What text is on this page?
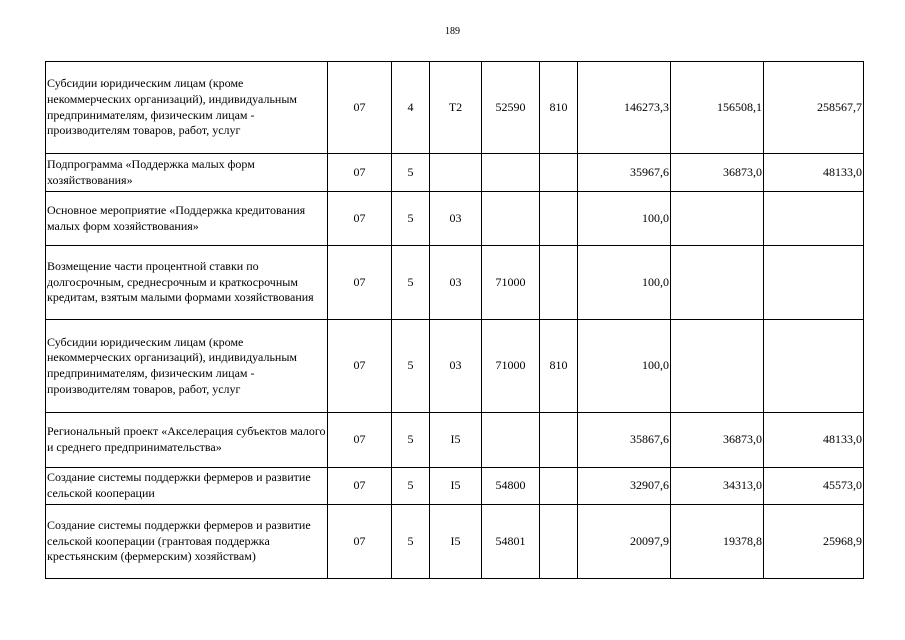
189
Субсидии юридическим лицам (кроме некоммерческих организаций), индивидуальным предпринимателям, физическим лицам - производителям товаров, работ, услуг	07	4	T2	52590	810	146273,3	156508,1	258567,7
Подпрограмма «Поддержка малых форм хозяйствования»	07	5				35967,6	36873,0	48133,0
Основное мероприятие «Поддержка кредитования малых форм хозяйствования»	07	5	03			100,0		
Возмещение части процентной ставки по долгосрочным, среднесрочным и краткосрочным кредитам, взятым малыми формами хозяйствования	07	5	03	71000		100,0		
Субсидии юридическим лицам (кроме некоммерческих организаций), индивидуальным предпринимателям, физическим лицам - производителям товаров, работ, услуг	07	5	03	71000	810	100,0		
Региональный проект «Акселерация субъектов малого и среднего предпринимательства»	07	5	I5			35867,6	36873,0	48133,0
Создание системы поддержки фермеров и развитие сельской кооперации	07	5	I5	54800		32907,6	34313,0	45573,0
Создание системы поддержки фермеров и развитие сельской кооперации (грантовая поддержка крестьянским (фермерским) хозяйствам)	07	5	I5	54801		20097,9	19378,8	25968,9
